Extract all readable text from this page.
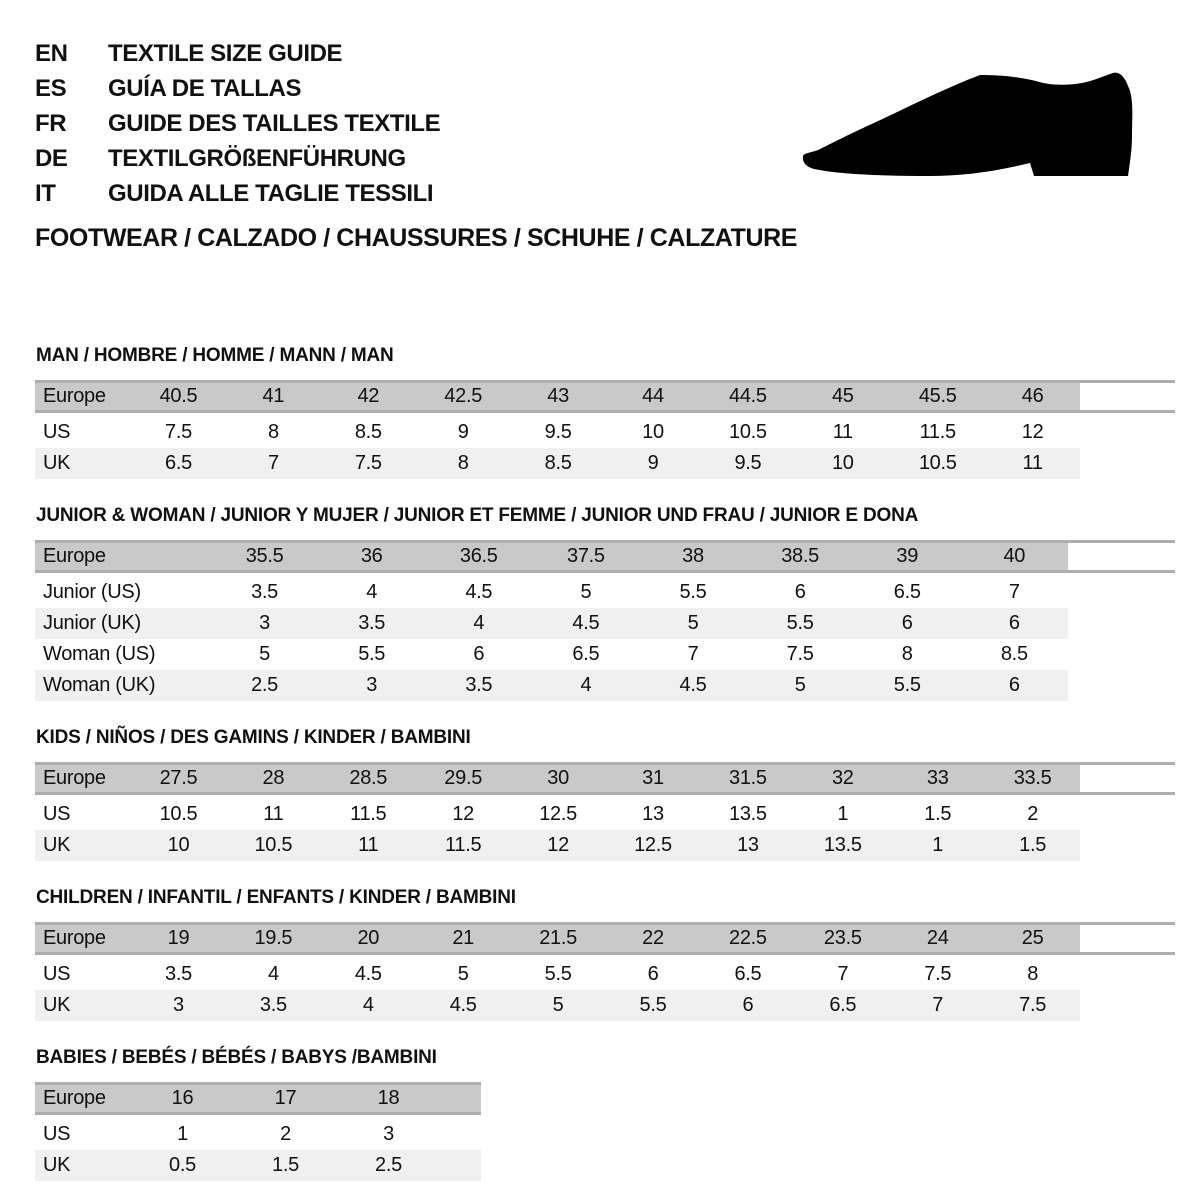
EN	TEXTILE SIZE GUIDE
ES	GUÍA DE TALLAS
FR	GUIDE DES TAILLES TEXTILE
DE	TEXTILGRÖßENFÜHRUNG
IT	GUIDA ALLE TAGLIE TESSILI
FOOTWEAR / CALZADO / CHAUSSURES / SCHUHE / CALZATURE
MAN / HOMBRE / HOMME / MANN / MAN
Europe	40.5	41	42	42.5	43	44	44.5	45	45.5	46

US	7.5	8	8.5	9	9.5	10	10.5	11	11.5	12
UK	6.5	7	7.5	8	8.5	9	9.5	10	10.5	11
JUNIOR & WOMAN / JUNIOR Y MUJER / JUNIOR ET FEMME / JUNIOR UND FRAU / JUNIOR E DONA
Europe	35.5	36	36.5	37.5	38	38.5	39	40

Junior (US)	3.5	4	4.5	5	5.5	6	6.5	7
Junior (UK)	3	3.5	4	4.5	5	5.5	6	6
Woman (US)	5	5.5	6	6.5	7	7.5	8	8.5
Woman (UK)	2.5	3	3.5	4	4.5	5	5.5	6
KIDS / NIÑOS / DES GAMINS / KINDER / BAMBINI
Europe	27.5	28	28.5	29.5	30	31	31.5	32	33	33.5

US	10.5	11	11.5	12	12.5	13	13.5	1	1.5	2
UK	10	10.5	11	11.5	12	12.5	13	13.5	1	1.5
CHILDREN / INFANTIL / ENFANTS / KINDER / BAMBINI
Europe	19	19.5	20	21	21.5	22	22.5	23.5	24	25

US	3.5	4	4.5	5	5.5	6	6.5	7	7.5	8
UK	3	3.5	4	4.5	5	5.5	6	6.5	7	7.5
BABIES / BEBÉS / BÉBÉS / BABYS /BAMBINI
Europe	16	17	18	

US	1	2	3	
UK	0.5	1.5	2.5	
